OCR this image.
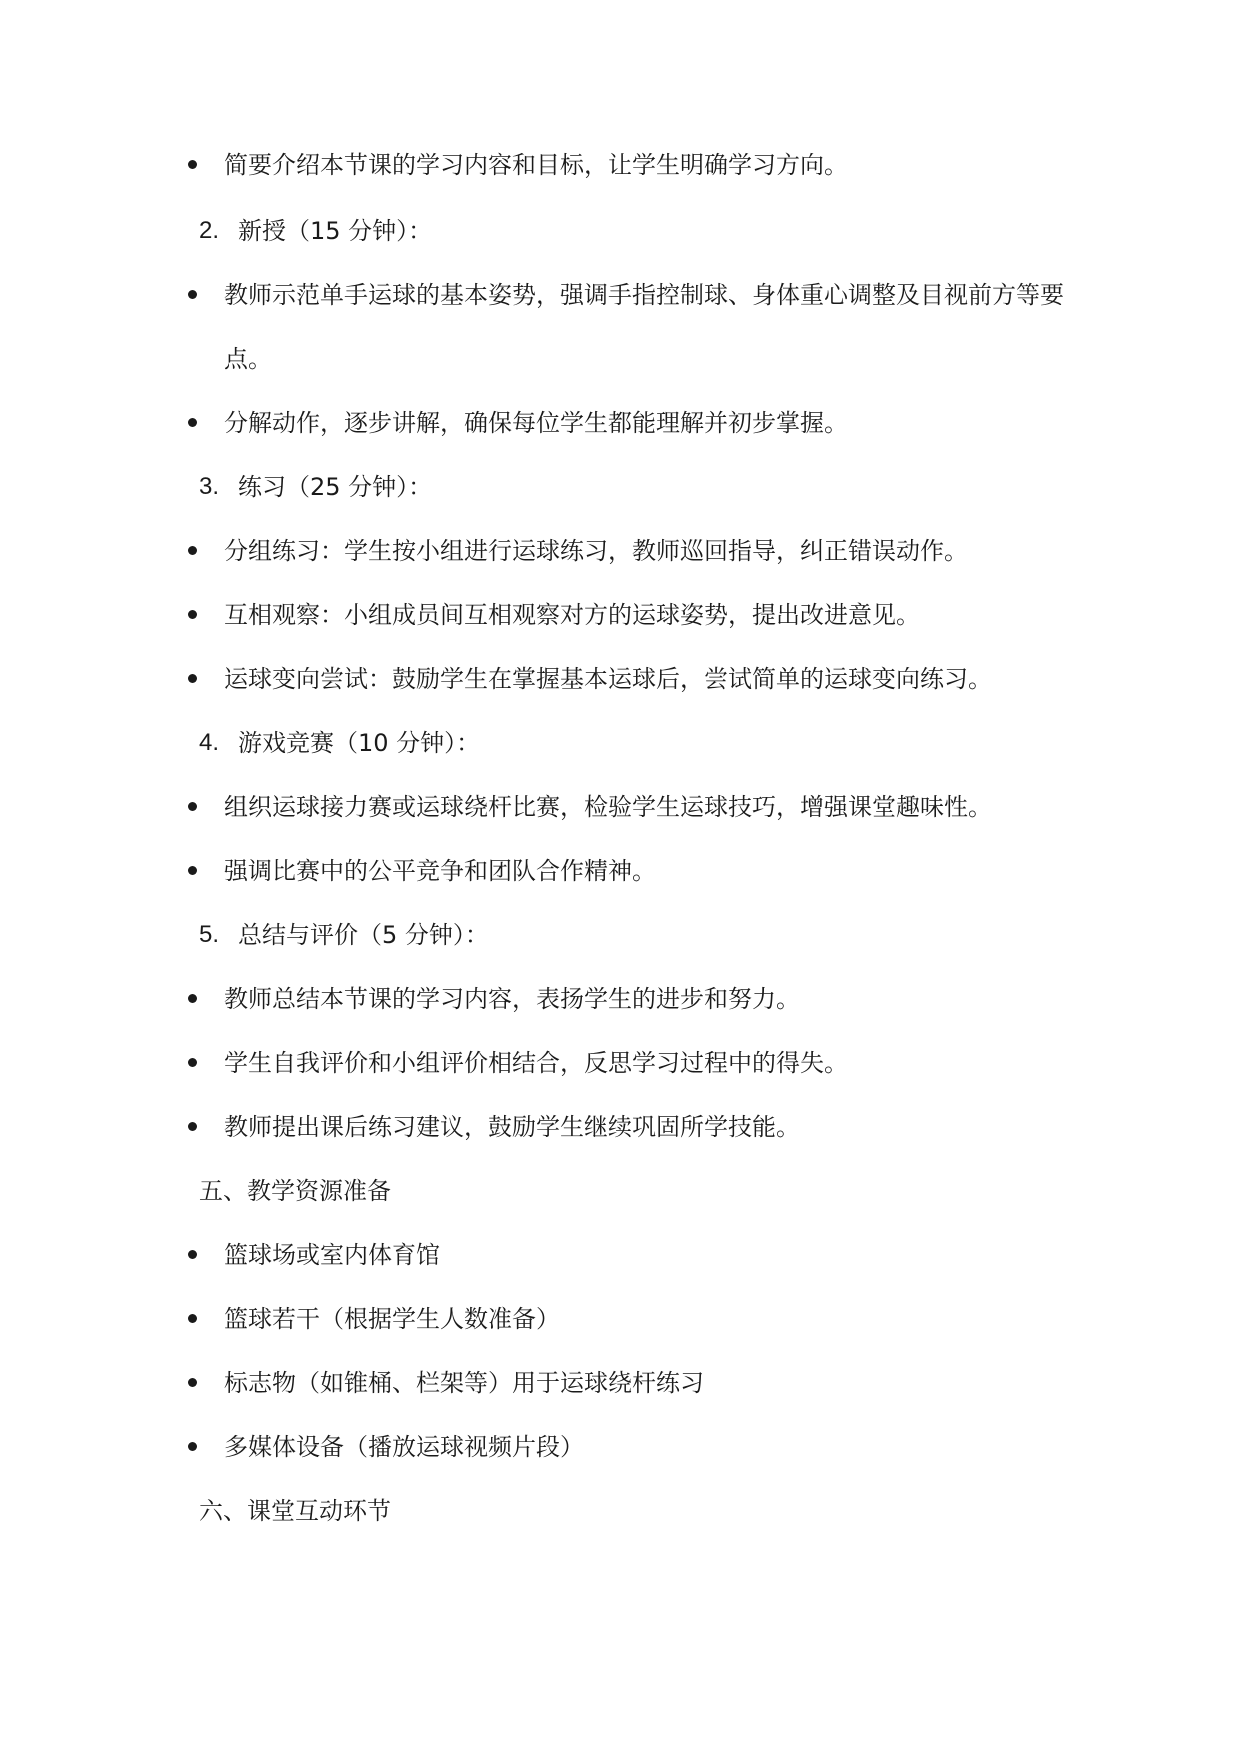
简要介绍本节课的学习内容和目标，让学生明确学习方向。
2. 新授（15 分钟）：
教师示范单手运球的基本姿势，强调手指控制球、身体重心调整及目视前方等要
点。
分解动作，逐步讲解，确保每位学生都能理解并初步掌握。
3. 练习（25 分钟）：
分组练习：学生按小组进行运球练习，教师巡回指导，纠正错误动作。
互相观察：小组成员间互相观察对方的运球姿势，提出改进意见。
运球变向尝试：鼓励学生在掌握基本运球后，尝试简单的运球变向练习。
4. 游戏竞赛（10 分钟）：
组织运球接力赛或运球绕杆比赛，检验学生运球技巧，增强课堂趣味性。
强调比赛中的公平竞争和团队合作精神。
5. 总结与评价（5 分钟）：
教师总结本节课的学习内容，表扬学生的进步和努力。
学生自我评价和小组评价相结合，反思学习过程中的得失。
教师提出课后练习建议，鼓励学生继续巩固所学技能。
五、教学资源准备
篮球场或室内体育馆
篮球若干（根据学生人数准备）
标志物（如锥桶、栏架等）用于运球绕杆练习
多媒体设备（播放运球视频片段）
六、课堂互动环节
